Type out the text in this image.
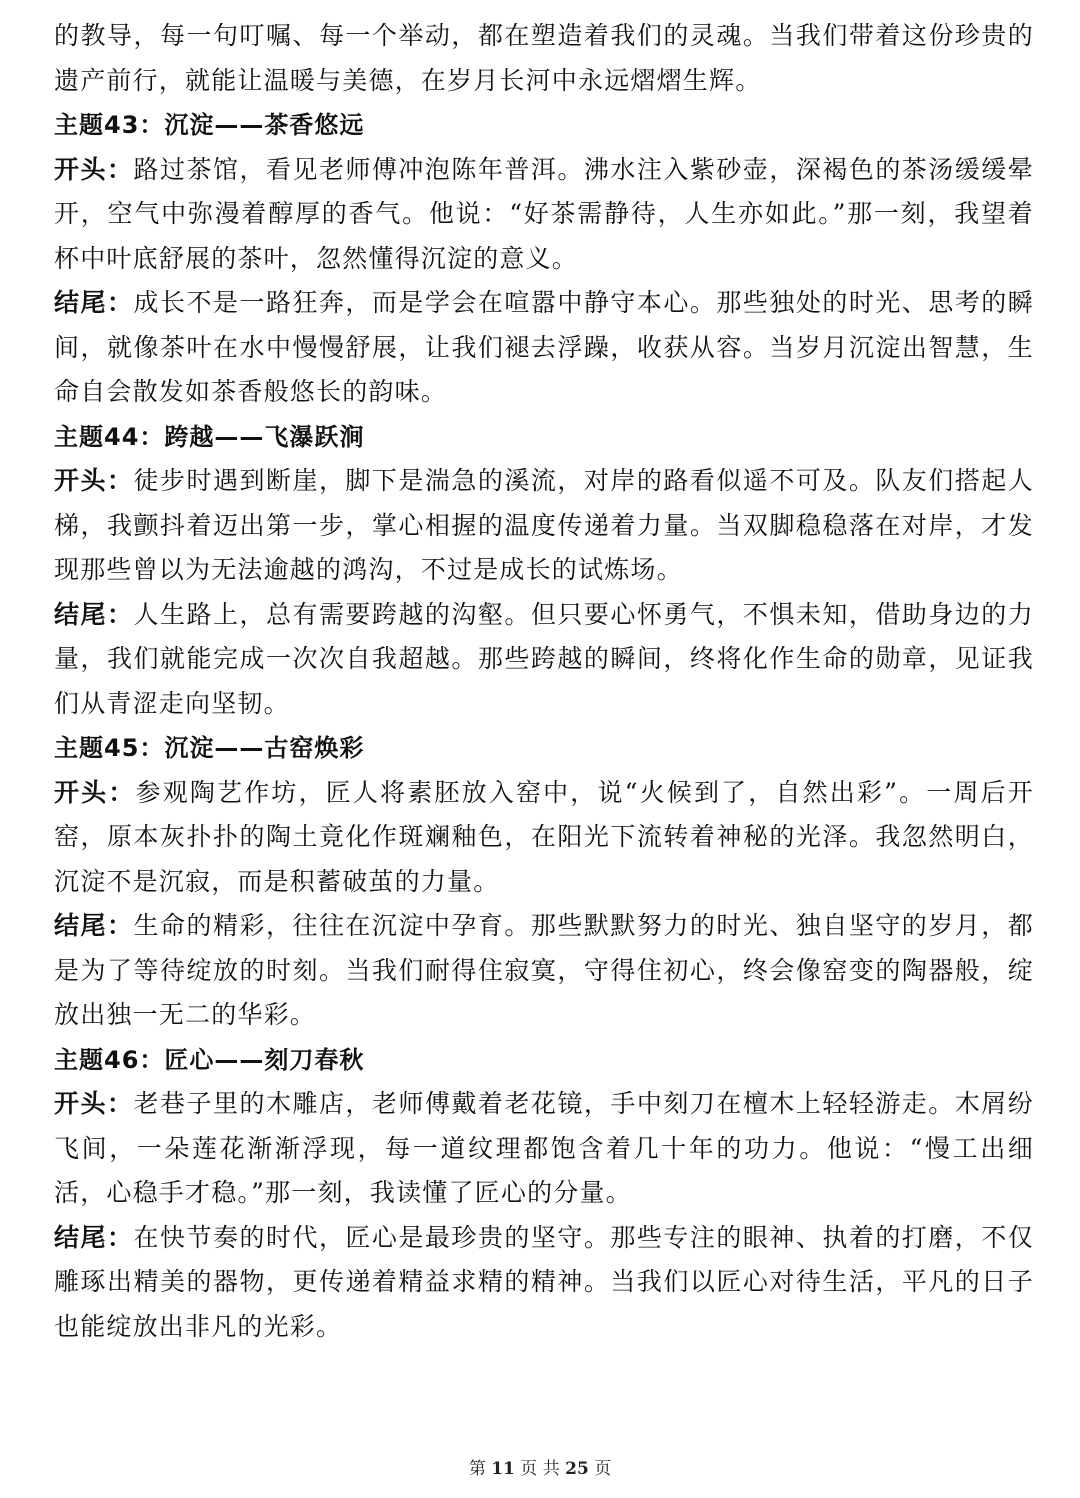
的教导，每一句叮嘱、每一个举动，都在塑造着我们的灵魂。当我们带着这份珍贵的遗产前行，就能让温暖与美德，在岁月长河中永远熠熠生辉。

主题43：沉淀——茶香悠远

开头：路过茶馆，看见老师傅冲泡陈年普洱。沸水注入紫砂壶，深褐色的茶汤缓缓晕开，空气中弥漫着醇厚的香气。他说：“好茶需静待，人生亦如此。”那一刻，我望着杯中叶底舒展的茶叶，忽然懂得沉淀的意义。

结尾：成长不是一路狂奔，而是学会在喧嚣中静守本心。那些独处的时光、思考的瞬间，就像茶叶在水中慢慢舒展，让我们褪去浮躁，收获从容。当岁月沉淀出智慧，生命自会散发如茶香般悠长的韵味。

主题44：跨越——飞瀑跃涧

开头：徒步时遇到断崖，脚下是湍急的溪流，对岸的路看似遥不可及。队友们搭起人梯，我颤抖着迈出第一步，掌心相握的温度传递着力量。当双脚稳稳落在对岸，才发现那些曾以为无法逾越的鸿沟，不过是成长的试炼场。

结尾：人生路上，总有需要跨越的沟壑。但只要心怀勇气，不惧未知，借助身边的力量，我们就能完成一次次自我超越。那些跨越的瞬间，终将化作生命的勋章，见证我们从青涩走向坚韧。

主题45：沉淀——古窑焕彩

开头：参观陶艺作坊，匠人将素胚放入窑中，说“火候到了，自然出彩”。一周后开窑，原本灰扑扑的陶土竟化作斑斓釉色，在阳光下流转着神秘的光泽。我忽然明白，沉淀不是沉寂，而是积蓄破茧的力量。

结尾：生命的精彩，往往在沉淀中孕育。那些默默努力的时光、独自坚守的岁月，都是为了等待绽放的时刻。当我们耐得住寂寞，守得住初心，终会像窑变的陶器般，绽放出独一无二的华彩。

主题46：匠心——刻刀春秋

开头：老巷子里的木雕店，老师傅戴着老花镜，手中刻刀在檀木上轻轻游走。木屑纷飞间，一朵莲花渐渐浮现，每一道纹理都饱含着几十年的功力。他说：“慢工出细活，心稳手才稳。”那一刻，我读懂了匠心的分量。

结尾：在快节奏的时代，匠心是最珍贵的坚守。那些专注的眼神、执着的打磨，不仅雕琢出精美的器物，更传递着精益求精的精神。当我们以匠心对待生活，平凡的日子也能绽放出非凡的光彩。

第 11 页 共 25 页
